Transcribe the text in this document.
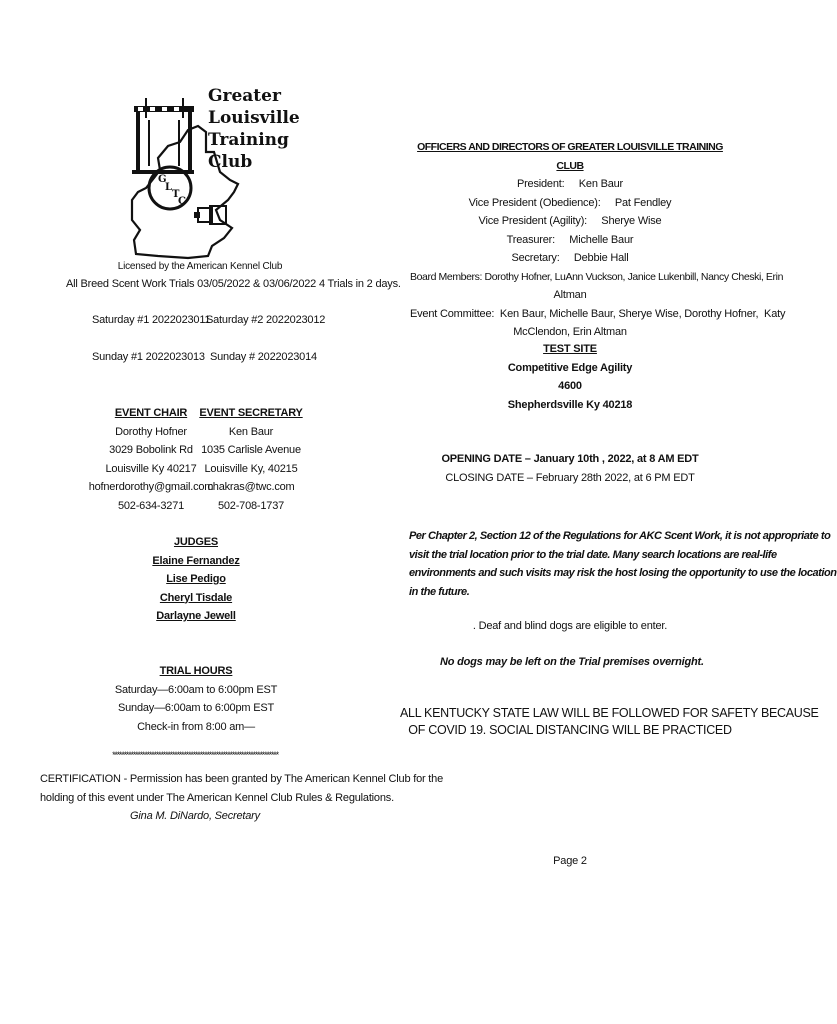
Greater
Louisville
Training
Club
G
L
T
C
Licensed by the American Kennel Club
All Breed Scent Work Trials 03/05/2022 & 03/06/2022 4 Trials in 2 days.
Saturday #1 2022023011
Saturday #2 2022023012
Sunday #1 2022023013 Sunday # 2022023014
EVENT CHAIR
Dorothy Hofner
3029 Bobolink Rd
Louisville Ky 40217
hofnerdorothy@gmail.com
502-634-3271
EVENT SECRETARY
Ken Baur
1035 Carlisle Avenue
Louisville Ky, 40215
chakras@twc.com
502-708-1737
JUDGES
Elaine Fernandez
Lise Pedigo
Cheryl Tisdale
Darlayne Jewell
TRIAL HOURS
Saturday—6:00am to 6:00pm EST
Sunday—6:00am to 6:00pm EST
Check-in from 8:00 am—
************************************************************************
CERTIFICATION - Permission has been granted by The American Kennel Club for the
holding of this event under The American Kennel Club Rules & Regulations.
Gina M. DiNardo, Secretary
OFFICERS AND DIRECTORS OF GREATER LOUISVILLE TRAINING CLUB
President:     Ken Baur
Vice President (Obedience):     Pat Fendley
Vice President (Agility):     Sherye Wise
Treasurer:     Michelle Baur
Secretary:     Debbie Hall
Board Members: Dorothy Hofner, LuAnn Vuckson, Janice Lukenbill, Nancy Cheski, Erin
Altman
Event Committee:  Ken Baur, Michelle Baur, Sherye Wise, Dorothy Hofner,  Katy
McClendon, Erin Altman
TEST SITE
Competitive Edge Agility
4600
Shepherdsville Ky 40218
OPENING DATE – January 10th , 2022, at 8 AM EDT
CLOSING DATE – February 28th 2022, at 6 PM EDT
Per Chapter 2, Section 12 of the Regulations for AKC Scent Work, it is not appropriate to
visit the trial location prior to the trial date. Many search locations are real-life
environments and such visits may risk the host losing the opportunity to use the location
in the future.
. Deaf and blind dogs are eligible to enter.
No dogs may be left on the Trial premises overnight.
ALL KENTUCKY STATE LAW WILL BE FOLLOWED FOR SAFETY BECAUSE
OF COVID 19. SOCIAL DISTANCING WILL BE PRACTICED
Page 2
